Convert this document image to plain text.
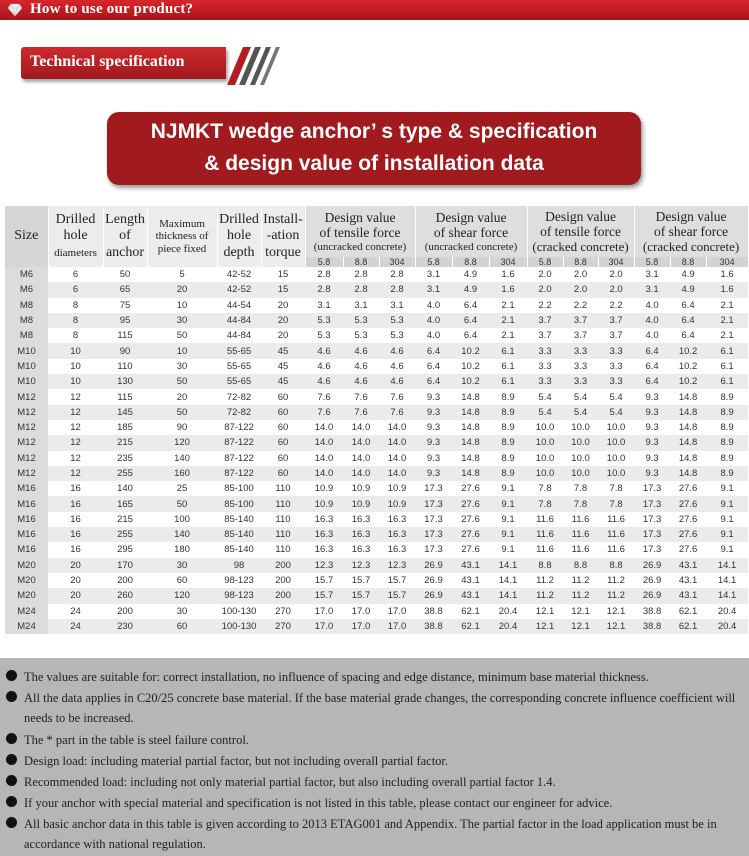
How to use our product?
Technical specification
NJMKT wedge anchor’ s type & specification
& design value of installation data
Size	Drilled
hole
diameters	Length
of
anchor	Maximum
thickness of
piece fixed	Drilled
hole
depth	Install-
-ation
torque	Design value
of tensile force
(uncracked concrete)			Design value
of shear force
(uncracked concrete)			Design value
of tensile force
(cracked concrete)			Design value
of shear force
(cracked concrete)		

						5.8	8.8	304	5.8	8.8	304	5.8	8.8	304	5.8	8.8	304
M6	6	50	5	42-52	15	2.8	2.8	2.8	3.1	4.9	1.6	2.0	2.0	2.0	3.1	4.9	1.6
M6	6	65	20	42-52	15	2.8	2.8	2.8	3.1	4.9	1.6	2.0	2.0	2.0	3.1	4.9	1.6
M8	8	75	10	44-54	20	3.1	3.1	3.1	4.0	6.4	2.1	2.2	2.2	2.2	4.0	6.4	2.1
M8	8	95	30	44-84	20	5.3	5.3	5.3	4.0	6.4	2.1	3.7	3.7	3.7	4.0	6.4	2.1
M8	8	115	50	44-84	20	5.3	5.3	5.3	4.0	6.4	2.1	3.7	3.7	3.7	4.0	6.4	2.1
M10	10	90	10	55-65	45	4.6	4.6	4.6	6.4	10.2	6.1	3.3	3.3	3.3	6.4	10.2	6.1
M10	10	110	30	55-65	45	4.6	4.6	4.6	6.4	10.2	6.1	3.3	3.3	3.3	6.4	10.2	6.1
M10	10	130	50	55-65	45	4.6	4.6	4.6	6.4	10.2	6.1	3.3	3.3	3.3	6.4	10.2	6.1
M12	12	115	20	72-82	60	7.6	7.6	7.6	9.3	14.8	8.9	5.4	5.4	5.4	9.3	14.8	8.9
M12	12	145	50	72-82	60	7.6	7.6	7.6	9.3	14.8	8.9	5.4	5.4	5.4	9.3	14.8	8.9
M12	12	185	90	87-122	60	14.0	14.0	14.0	9.3	14.8	8.9	10.0	10.0	10.0	9.3	14.8	8.9
M12	12	215	120	87-122	60	14.0	14.0	14.0	9.3	14.8	8.9	10.0	10.0	10.0	9.3	14.8	8.9
M12	12	235	140	87-122	60	14.0	14.0	14.0	9.3	14.8	8.9	10.0	10.0	10.0	9.3	14.8	8.9
M12	12	255	160	87-122	60	14.0	14.0	14.0	9.3	14.8	8.9	10.0	10.0	10.0	9.3	14.8	8.9
M16	16	140	25	85-100	110	10.9	10.9	10.9	17.3	27.6	9.1	7.8	7.8	7.8	17.3	27.6	9.1
M16	16	165	50	85-100	110	10.9	10.9	10.9	17.3	27.6	9.1	7.8	7.8	7.8	17.3	27.6	9.1
M16	16	215	100	85-140	110	16.3	16.3	16.3	17.3	27.6	9.1	11.6	11.6	11.6	17.3	27.6	9.1
M16	16	255	140	85-140	110	16.3	16.3	16.3	17.3	27.6	9.1	11.6	11.6	11.6	17.3	27.6	9.1
M16	16	295	180	85-140	110	16.3	16.3	16.3	17.3	27.6	9.1	11.6	11.6	11.6	17.3	27.6	9.1
M20	20	170	30	98	200	12.3	12.3	12.3	26.9	43.1	14.1	8.8	8.8	8.8	26.9	43.1	14.1
M20	20	200	60	98-123	200	15.7	15.7	15.7	26.9	43.1	14.1	11.2	11.2	11.2	26.9	43.1	14.1
M20	20	260	120	98-123	200	15.7	15.7	15.7	26.9	43.1	14.1	11.2	11.2	11.2	26.9	43.1	14.1
M24	24	200	30	100-130	270	17.0	17.0	17.0	38.8	62.1	20.4	12.1	12.1	12.1	38.8	62.1	20.4
M24	24	230	60	100-130	270	17.0	17.0	17.0	38.8	62.1	20.4	12.1	12.1	12.1	38.8	62.1	20.4
The values are suitable for: correct installation, no influence of spacing and edge distance, minimum base material thickness.
All the data applies in C20/25 concrete base material. If the base material grade changes, the corresponding concrete influence coefficient will needs to be increased.
The * part in the table is steel failure control.
Design load: including material partial factor, but not including overall partial factor.
Recommended load: including not only material partial factor, but also including overall partial factor 1.4.
If your anchor with special material and specification is not listed in this table, please contact our engineer for advice.
All basic anchor data in this table is given according to 2013 ETAG001 and Appendix. The partial factor in the load application must be in accordance with national regulation.
